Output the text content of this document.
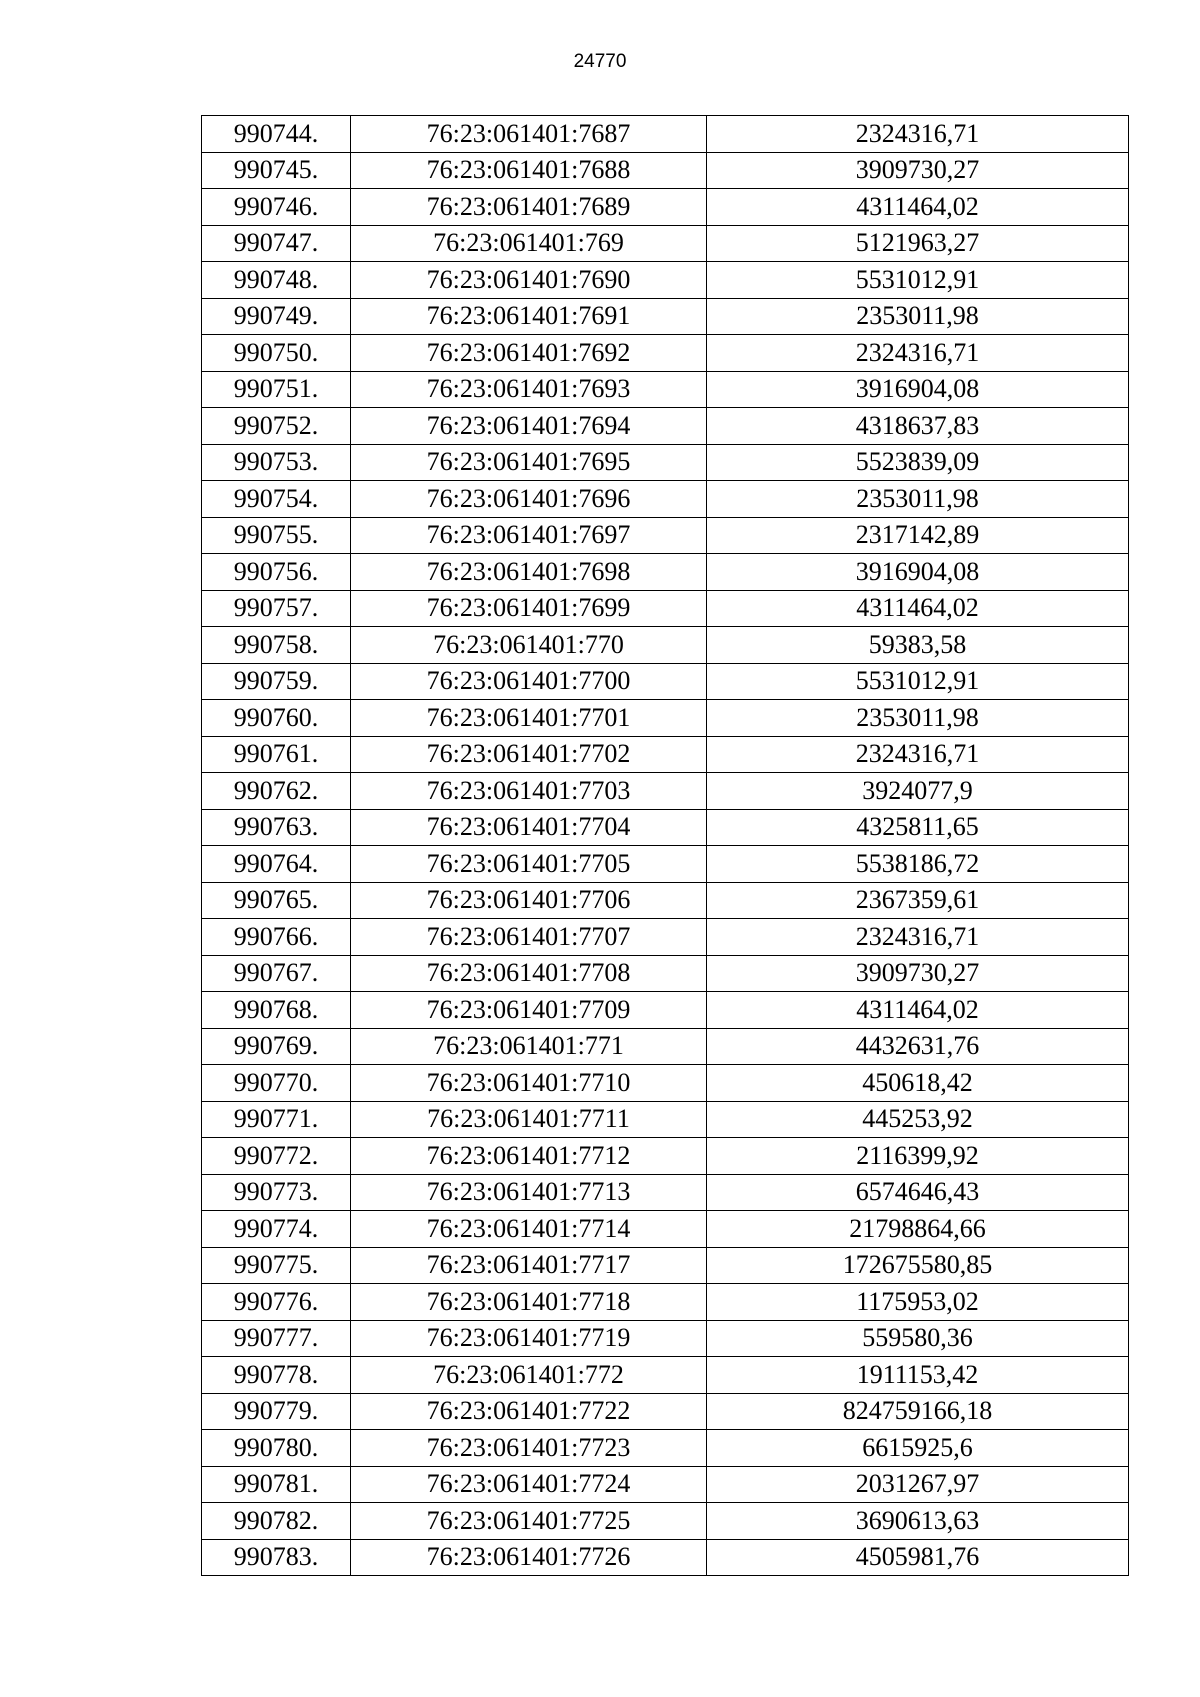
24770
990744.	76:23:061401:7687	2324316,71
990745.	76:23:061401:7688	3909730,27
990746.	76:23:061401:7689	4311464,02
990747.	76:23:061401:769	5121963,27
990748.	76:23:061401:7690	5531012,91
990749.	76:23:061401:7691	2353011,98
990750.	76:23:061401:7692	2324316,71
990751.	76:23:061401:7693	3916904,08
990752.	76:23:061401:7694	4318637,83
990753.	76:23:061401:7695	5523839,09
990754.	76:23:061401:7696	2353011,98
990755.	76:23:061401:7697	2317142,89
990756.	76:23:061401:7698	3916904,08
990757.	76:23:061401:7699	4311464,02
990758.	76:23:061401:770	59383,58
990759.	76:23:061401:7700	5531012,91
990760.	76:23:061401:7701	2353011,98
990761.	76:23:061401:7702	2324316,71
990762.	76:23:061401:7703	3924077,9
990763.	76:23:061401:7704	4325811,65
990764.	76:23:061401:7705	5538186,72
990765.	76:23:061401:7706	2367359,61
990766.	76:23:061401:7707	2324316,71
990767.	76:23:061401:7708	3909730,27
990768.	76:23:061401:7709	4311464,02
990769.	76:23:061401:771	4432631,76
990770.	76:23:061401:7710	450618,42
990771.	76:23:061401:7711	445253,92
990772.	76:23:061401:7712	2116399,92
990773.	76:23:061401:7713	6574646,43
990774.	76:23:061401:7714	21798864,66
990775.	76:23:061401:7717	172675580,85
990776.	76:23:061401:7718	1175953,02
990777.	76:23:061401:7719	559580,36
990778.	76:23:061401:772	1911153,42
990779.	76:23:061401:7722	824759166,18
990780.	76:23:061401:7723	6615925,6
990781.	76:23:061401:7724	2031267,97
990782.	76:23:061401:7725	3690613,63
990783.	76:23:061401:7726	4505981,76
